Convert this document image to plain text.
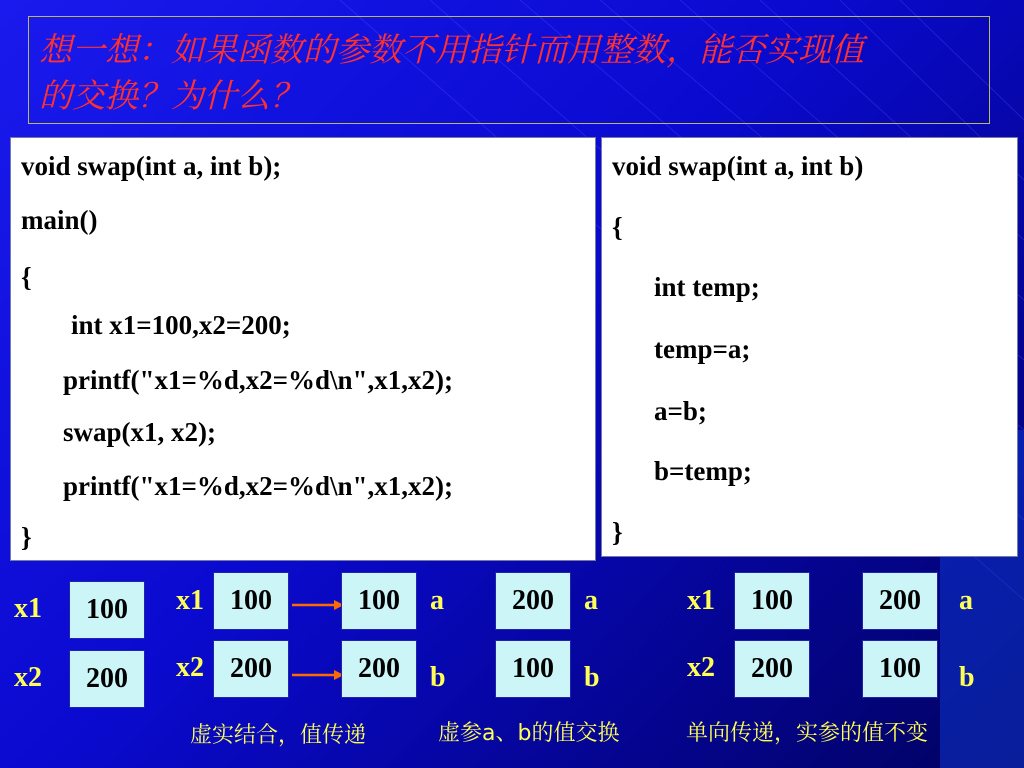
想一想：如果函数的参数不用指针而用整数，能否实现值
的交换？为什么？
void swap(int a, int b);
main()
{
int x1=100,x2=200;
printf("x1=%d,x2=%d\n",x1,x2);
swap(x1, x2);
printf("x1=%d,x2=%d\n",x1,x2);
}
void swap(int a, int b)
{
int temp;
temp=a;
a=b;
b=temp;
}
x1
x2
100
200
x1
x2
100
200
100
200
a
b
200
100
a
b
x1
x2
100
200
200
100
a
b
虚实结合，值传递	虚参a、b的值交换	单向传递，实参的值不变
